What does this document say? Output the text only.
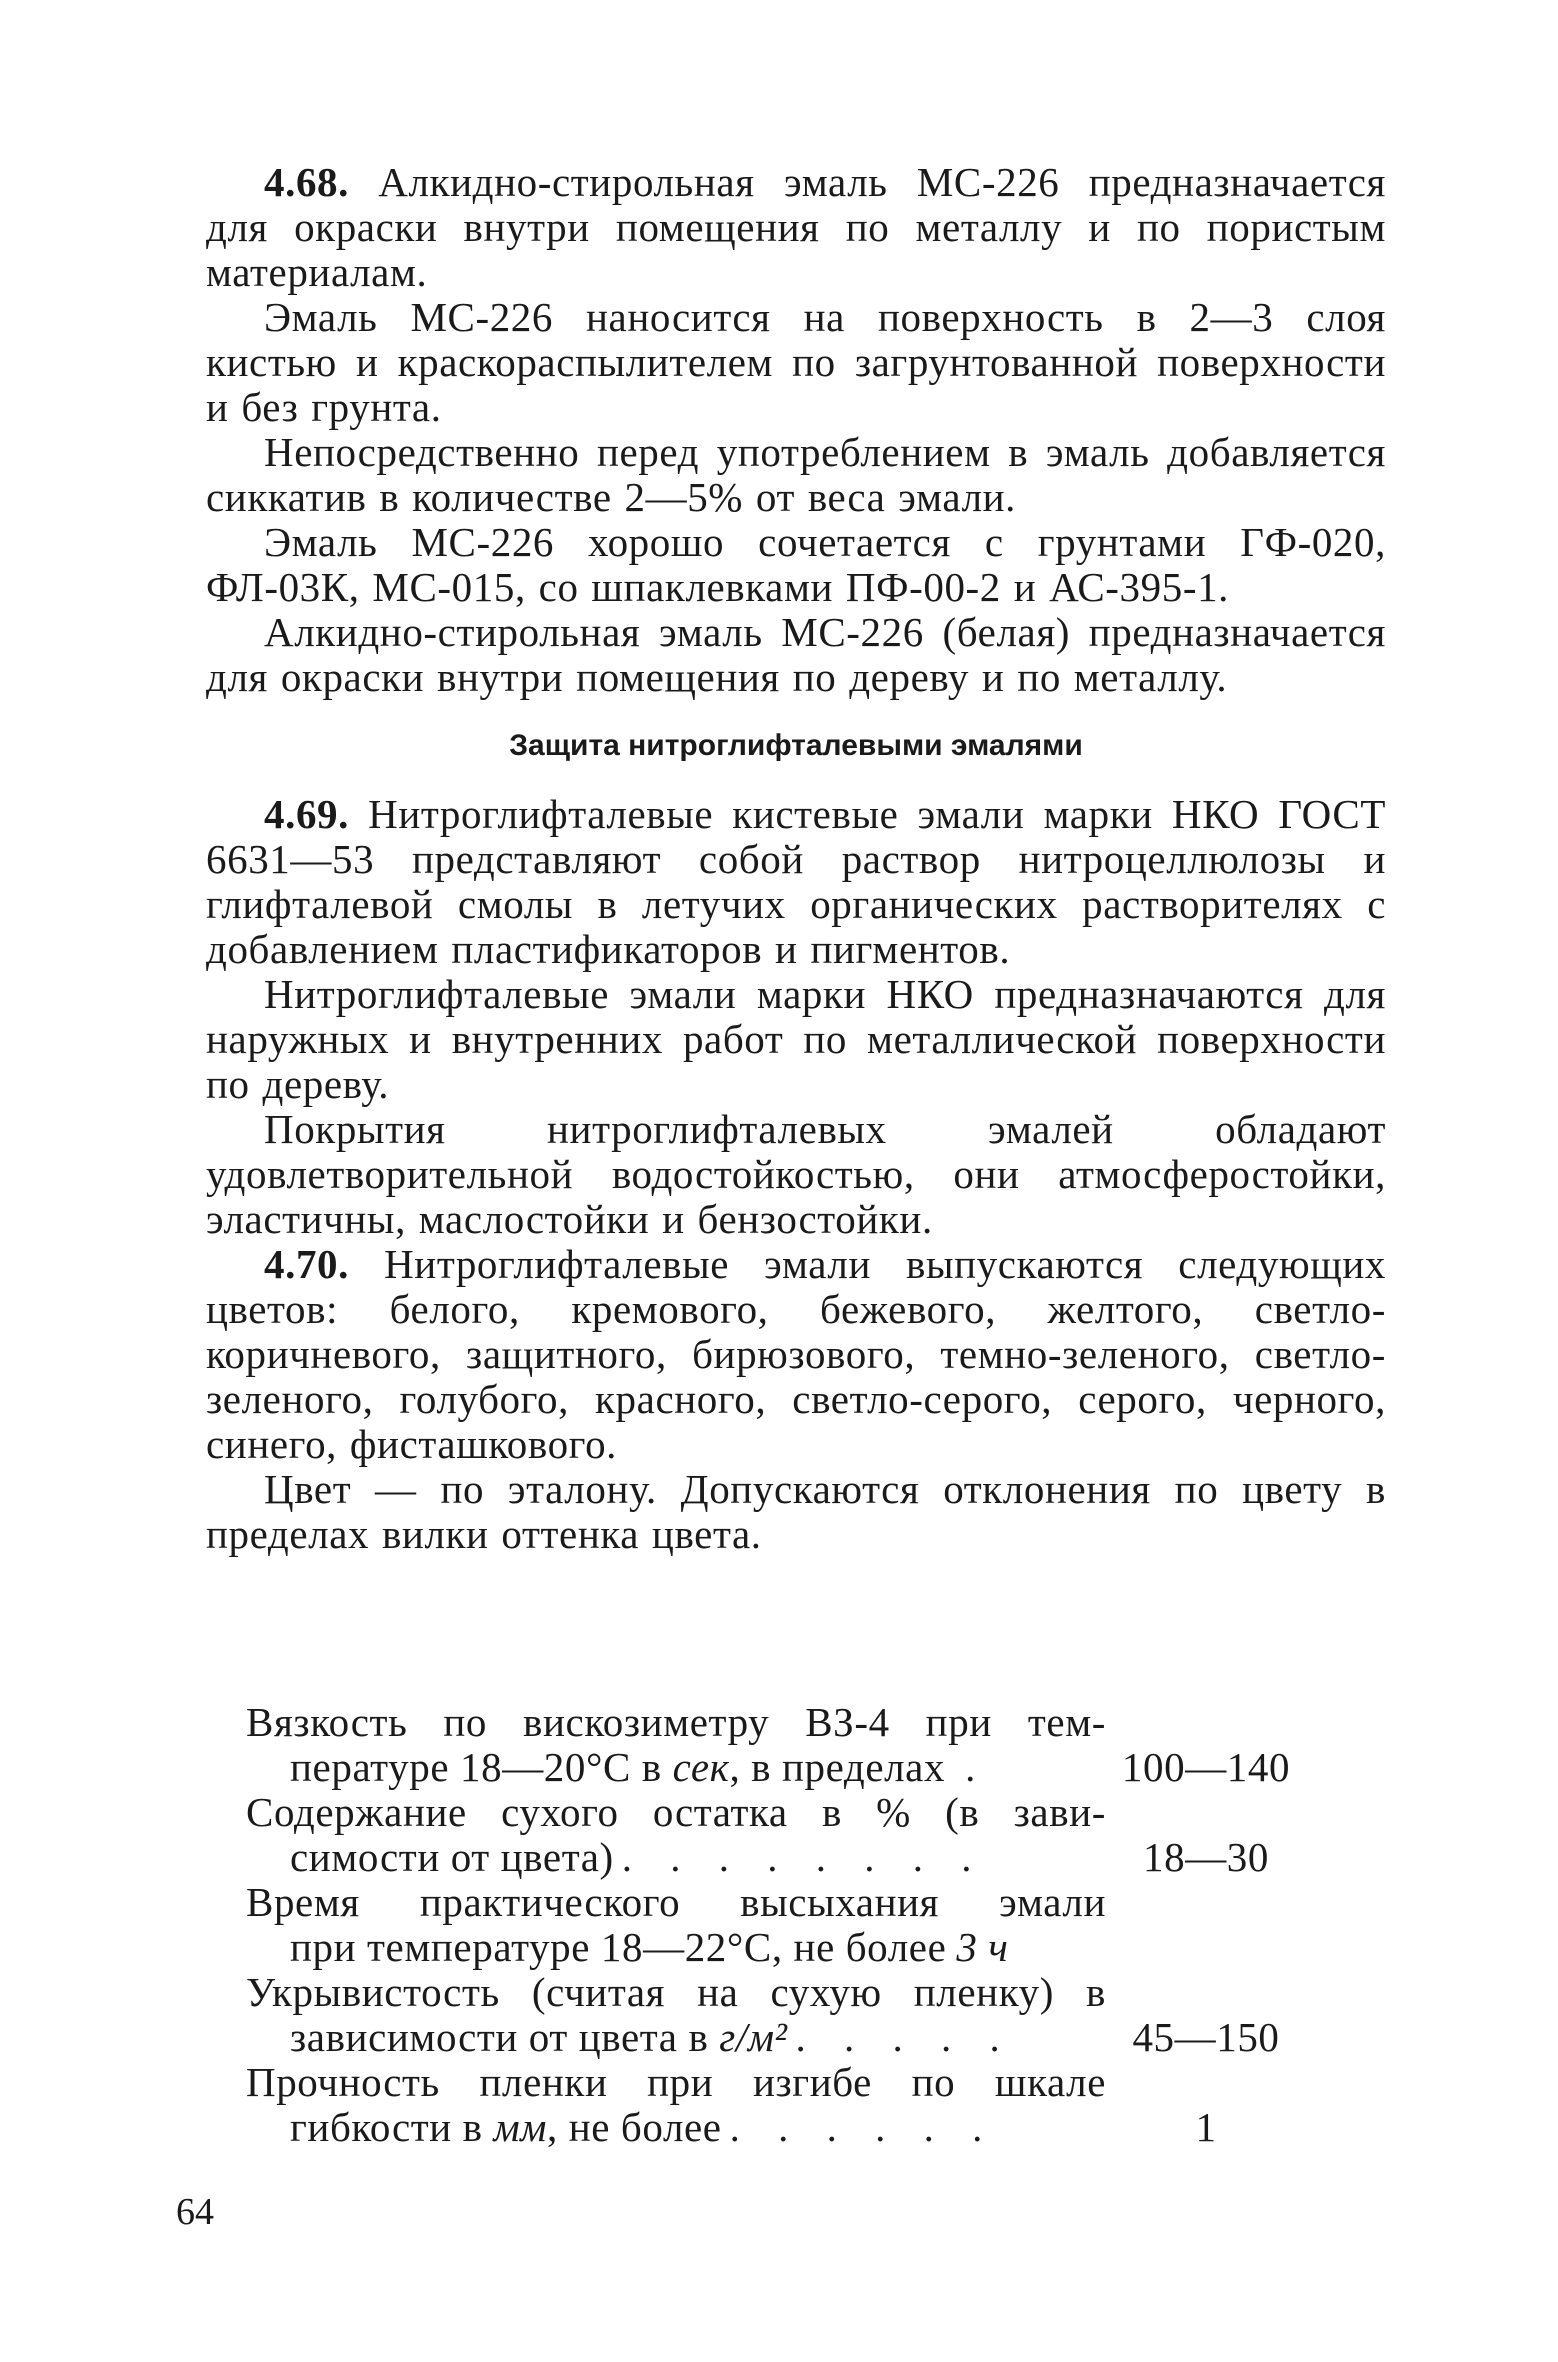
4.68. Алкидно-стирольная эмаль МС-226 предназначается для окраски внутри помещения по металлу и по пористым материалам.

Эмаль МС-226 наносится на поверхность в 2—3 слоя кистью и краскораспылителем по загрунтованной поверхности и без грунта.

Непосредственно перед употреблением в эмаль добавляется сиккатив в количестве 2—5% от веса эмали.

Эмаль МС-226 хорошо сочетается с грунтами ГФ-020, ФЛ-03К, МС-015, со шпаклевками ПФ-00-2 и АС-395-1.

Алкидно-стирольная эмаль МС-226 (белая) предназначается для окраски внутри помещения по дереву и по металлу.

Защита нитроглифталевыми эмалями

4.69. Нитроглифталевые кистевые эмали марки НКО ГОСТ 6631—53 представляют собой раствор нитроцеллюлозы и глифталевой смолы в летучих органических растворителях с добавлением пластификаторов и пигментов.

Нитроглифталевые эмали марки НКО предназначаются для наружных и внутренних работ по металлической поверхности по дереву.

Покрытия нитроглифталевых эмалей обладают удовлетворительной водостойкостью, они атмосферостойки, эластичны, маслостойки и бензостойки.

4.70. Нитроглифталевые эмали выпускаются следующих цветов: белого, кремового, бежевого, желтого, светло-коричневого, защитного, бирюзового, темно-зеленого, светло-зеленого, голубого, красного, светло-серого, серого, черного, синего, фисташкового.

Цвет — по эталону. Допускаются отклонения по цвету в пределах вилки оттенка цвета.

Вязкость по вискозиметру ВЗ-4 при тем-
пературе 18—20°С в сек, в пределах .	100—140
Содержание сухого остатка в % (в зави-
симости от цвета) . . . . . . . .	18—30
Время практического высыхания эмали
при температуре 18—22°С, не более 3 ч
Укрывистость (считая на сухую пленку) в
зависимости от цвета в г/м² . . . . .	45—150
Прочность пленки при изгибе по шкале
гибкости в мм, не более . . . . . .	1
64
